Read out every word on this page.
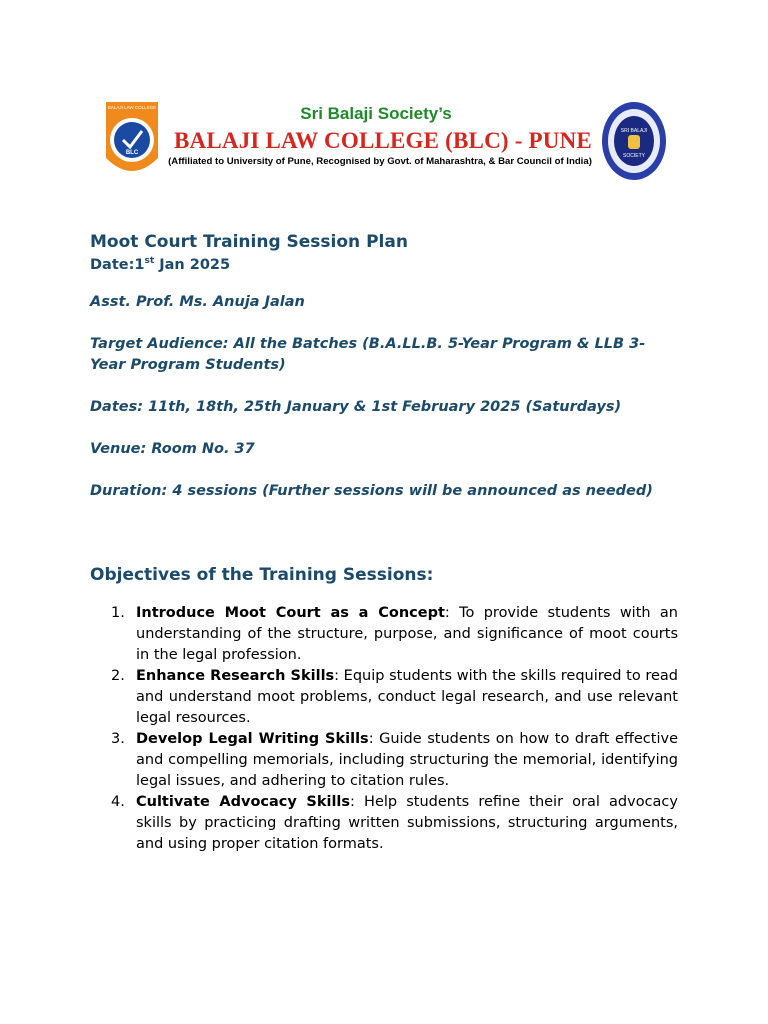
BALAJI LAW COLLEGE
BLC
Sri Balaji Society’s
BALAJI LAW COLLEGE (BLC) - PUNE
(Affiliated to University of Pune, Recognised by Govt. of Maharashtra, & Bar Council of India)
SRI BALAJI
SOCIETY
Moot Court Training Session Plan

Date:1st Jan 2025

Asst. Prof. Ms. Anuja Jalan

Target Audience: All the Batches (B.A.LL.B. 5-Year Program & LLB 3-Year Program Students)

Dates: 11th, 18th, 25th January & 1st February 2025 (Saturdays)

Venue: Room No. 37

Duration: 4 sessions (Further sessions will be announced as needed)

Objectives of the Training Sessions:
1. Introduce Moot Court as a Concept: To provide students with an understanding of the structure, purpose, and significance of moot courts in the legal profession.
2. Enhance Research Skills: Equip students with the skills required to read and understand moot problems, conduct legal research, and use relevant legal resources.
3. Develop Legal Writing Skills: Guide students on how to draft effective and compelling memorials, including structuring the memorial, identifying legal issues, and adhering to citation rules.
4. Cultivate Advocacy Skills: Help students refine their oral advocacy skills by practicing drafting written submissions, structuring arguments, and using proper citation formats.
